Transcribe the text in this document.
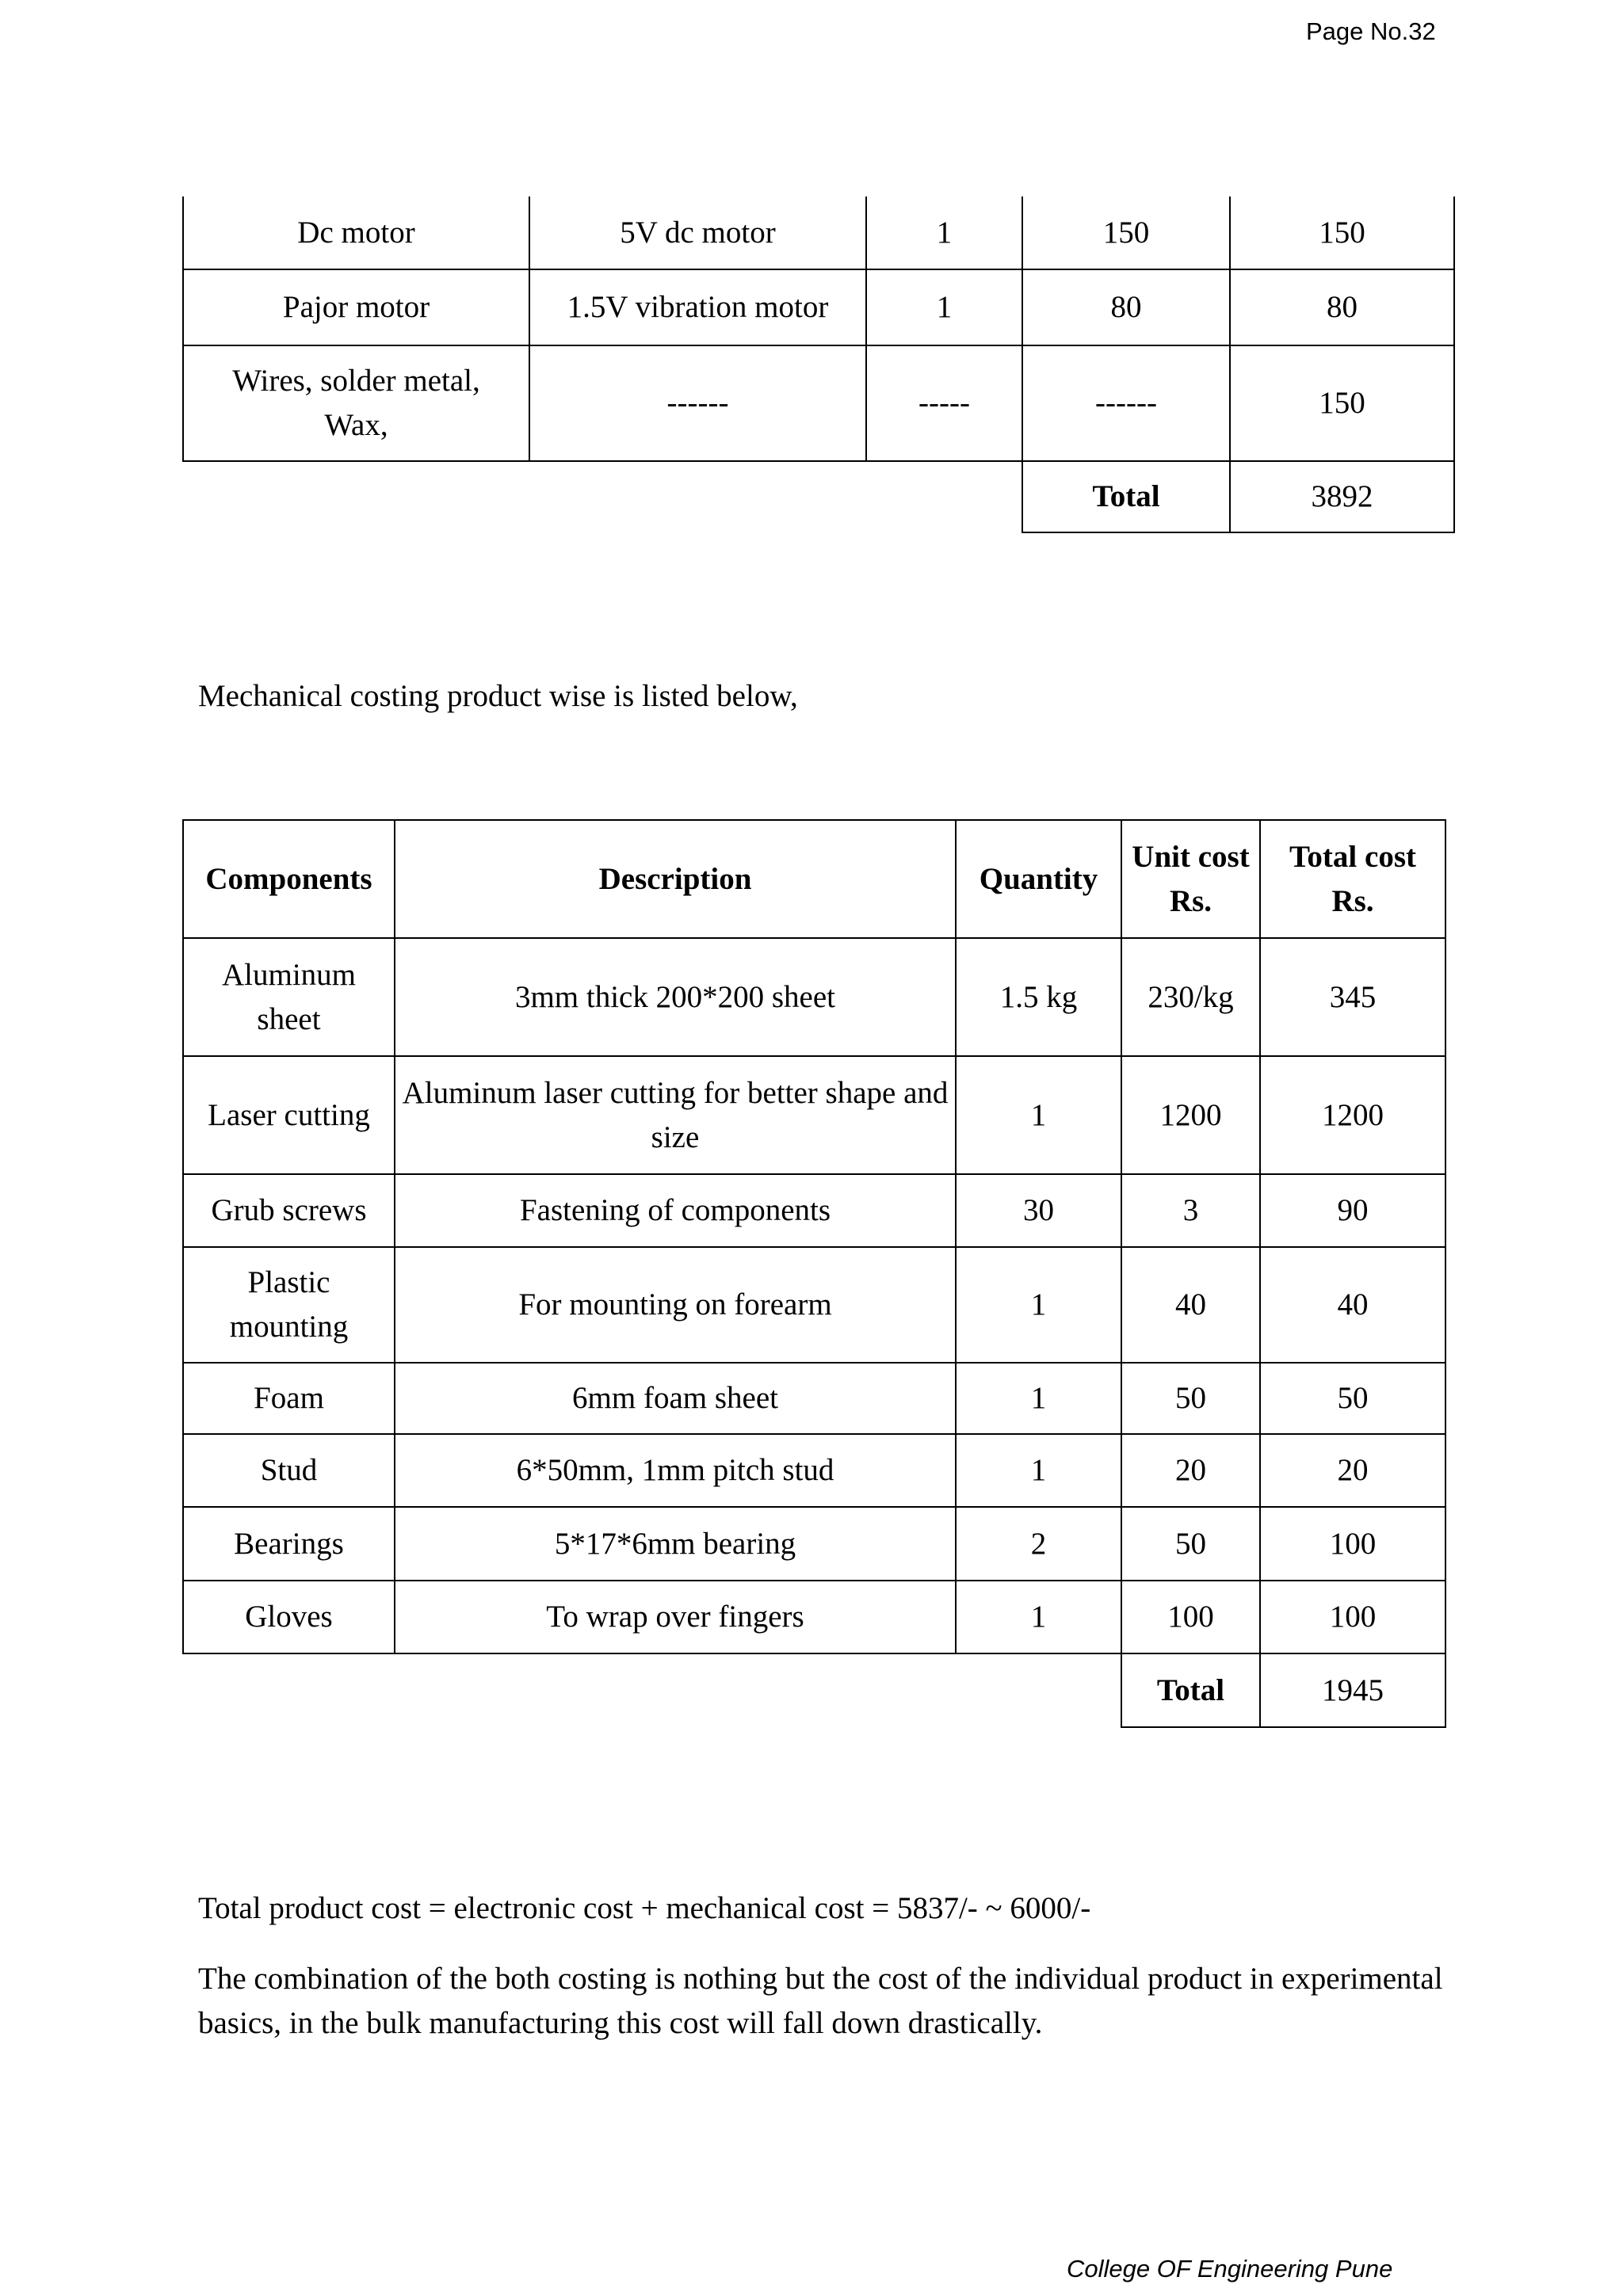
Page No.32
Dc motor	5V dc motor	1	150	150
Pajor motor	1.5V vibration motor	1	80	80
Wires, solder metal, Wax,	------	-----	------	150
			Total	3892
Mechanical costing product wise is listed below,
Components	Description	Quantity	Unit cost Rs.	Total cost Rs.
Aluminum sheet	3mm thick 200*200 sheet	1.5 kg	230/kg	345
Laser cutting	Aluminum laser cutting for better shape and size	1	1200	1200
Grub screws	Fastening of components	30	3	90
Plastic mounting	For mounting on forearm	1	40	40
Foam	6mm foam sheet	1	50	50
Stud	6*50mm, 1mm pitch stud	1	20	20
Bearings	5*17*6mm bearing	2	50	100
Gloves	To wrap over fingers	1	100	100
			Total	1945
Total product cost = electronic cost + mechanical cost = 5837/- ~ 6000/-
The combination of the both costing is nothing but the cost of the individual product in experimental basics, in the bulk manufacturing this cost will fall down drastically.
College OF Engineering Pune
